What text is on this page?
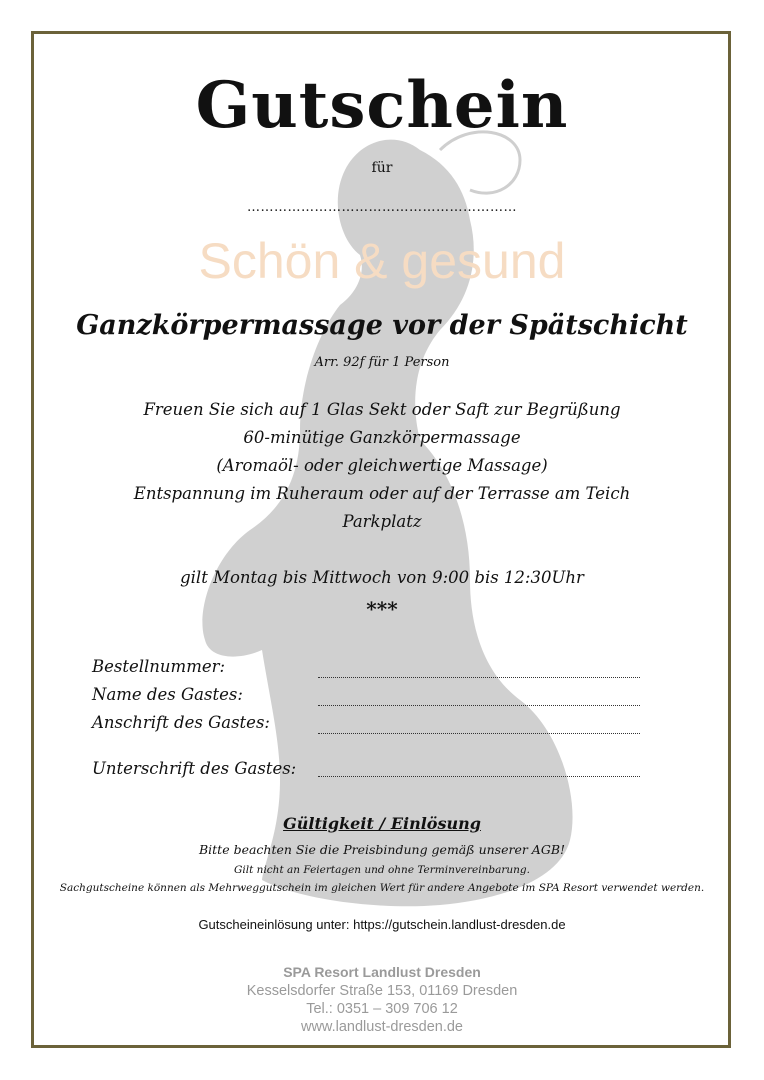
Gutschein
für
……………………………………………………
Schön & gesund
Ganzkörpermassage vor der Spätschicht
Arr. 92f für 1 Person
Freuen Sie sich auf 1 Glas Sekt oder Saft zur Begrüßung
60-minütige Ganzkörpermassage
(Aromaöl- oder gleichwertige Massage)
Entspannung im Ruheraum oder auf der Terrasse am Teich
Parkplatz
gilt Montag bis Mittwoch von 9:00 bis 12:30Uhr
***
Bestellnummer:
Name des Gastes:
Anschrift des Gastes:
Unterschrift des Gastes:
Gültigkeit / Einlösung
Bitte beachten Sie die Preisbindung gemäß unserer AGB!
Gilt nicht an Feiertagen und ohne Terminvereinbarung.
Sachgutscheine können als Mehrweggutschein im gleichen Wert für andere Angebote im SPA Resort verwendet werden.
Gutscheineinlösung unter: https://gutschein.landlust-dresden.de
SPA Resort Landlust Dresden
Kesselsdorfer Straße 153, 01169 Dresden
Tel.: 0351 – 309 706 12
www.landlust-dresden.de
